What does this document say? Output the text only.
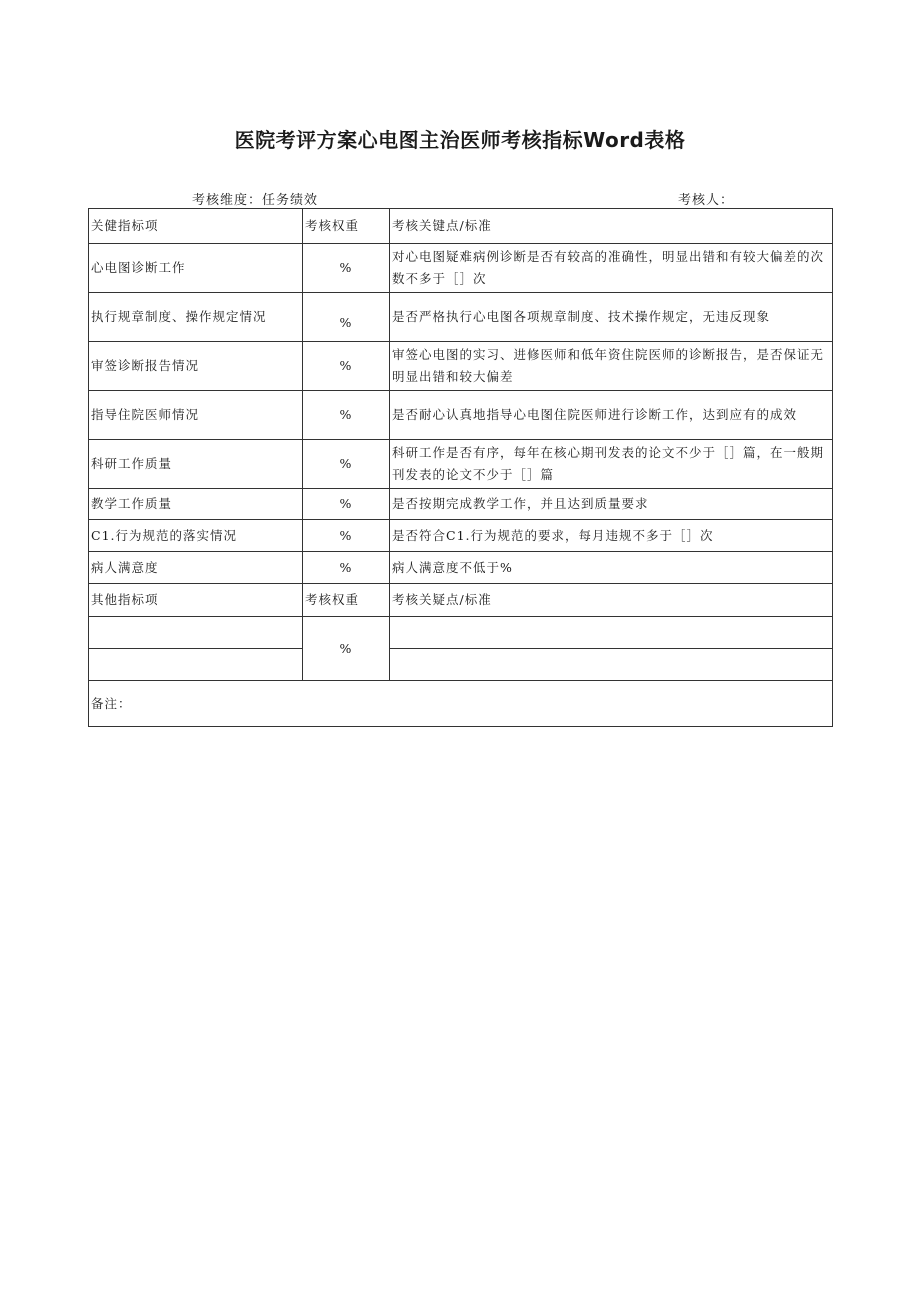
医院考评方案心电图主治医师考核指标Word表格
考核维度：任务绩效	考核人：
关健指标项	考核权重	考核关键点/标准
心电图诊断工作	%	对心电图疑难病例诊断是否有较高的准确性，明显出错和有较大偏差的次数不多于［］次
执行规章制度、操作规定情况	%	是否严格执行心电图各项规章制度、技术操作规定，无违反现象
审签诊断报告情况	%	审签心电图的实习、进修医师和低年资住院医师的诊断报告，是否保证无明显出错和较大偏差
指导住院医师情况	%	是否耐心认真地指导心电图住院医师进行诊断工作，达到应有的成效
科研工作质量	%	科研工作是否有序，每年在核心期刊发表的论文不少于［］篇，在一般期刊发表的论文不少于［］篇
教学工作质量	%	是否按期完成教学工作，并且达到质量要求
C1.行为规范的落实情况	%	是否符合C1.行为规范的要求，每月违规不多于［］次
病人满意度	%	病人满意度不低于%
其他指标项	考核权重	考核关疑点/标准
	%	

备注：		
